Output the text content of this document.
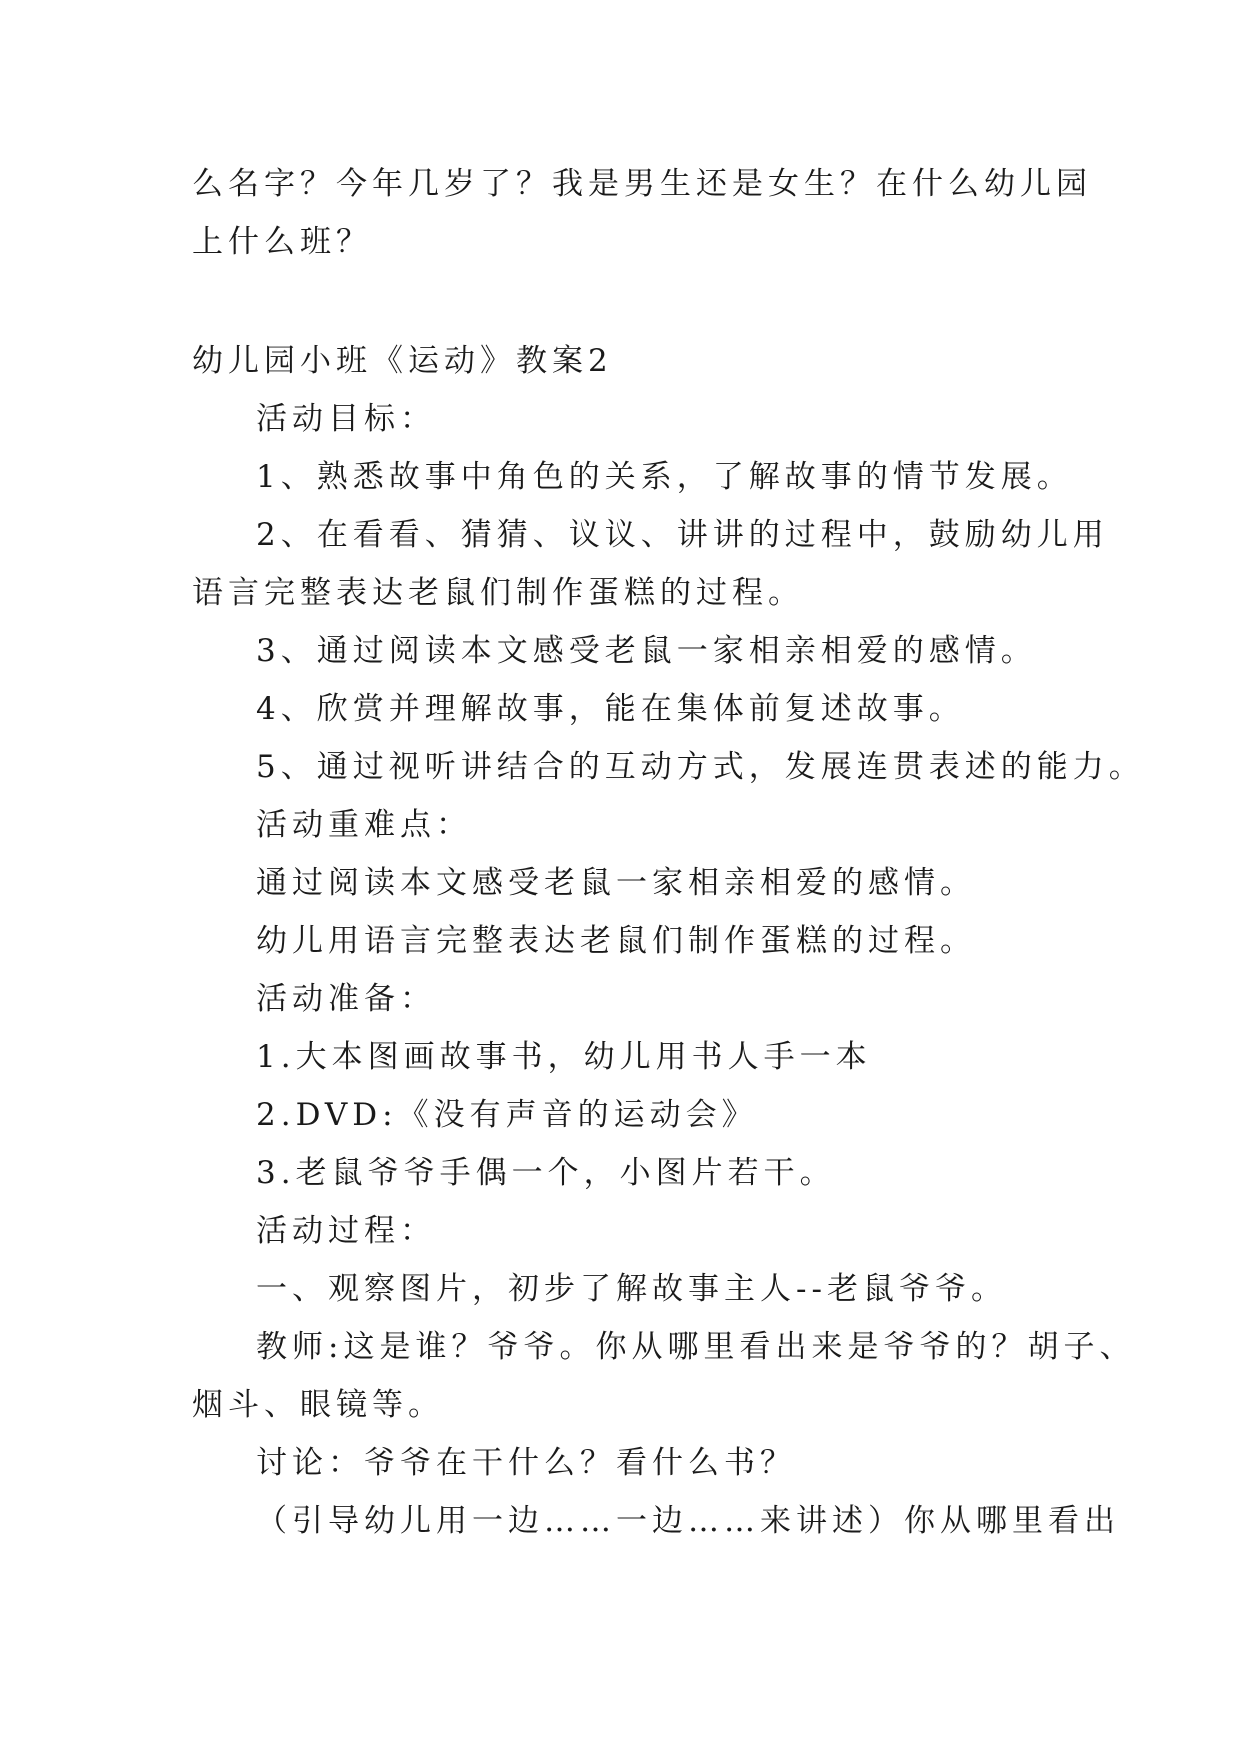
么名字？今年几岁了？我是男生还是女生？在什么幼儿园
上什么班？
幼儿园小班《运动》教案2
活动目标：
1、熟悉故事中角色的关系，了解故事的情节发展。
2、在看看、猜猜、议议、讲讲的过程中，鼓励幼儿用
语言完整表达老鼠们制作蛋糕的过程。
3、通过阅读本文感受老鼠一家相亲相爱的感情。
4、欣赏并理解故事，能在集体前复述故事。
5、通过视听讲结合的互动方式，发展连贯表述的能力。
活动重难点：
通过阅读本文感受老鼠一家相亲相爱的感情。
幼儿用语言完整表达老鼠们制作蛋糕的过程。
活动准备：
1.大本图画故事书，幼儿用书人手一本
2.DVD:《没有声音的运动会》
3.老鼠爷爷手偶一个，小图片若干。
活动过程：
一、观察图片，初步了解故事主人--老鼠爷爷。
教师:这是谁？爷爷。你从哪里看出来是爷爷的？胡子、
烟斗、眼镜等。
讨论：爷爷在干什么？看什么书？
（引导幼儿用一边……一边……来讲述）你从哪里看出
